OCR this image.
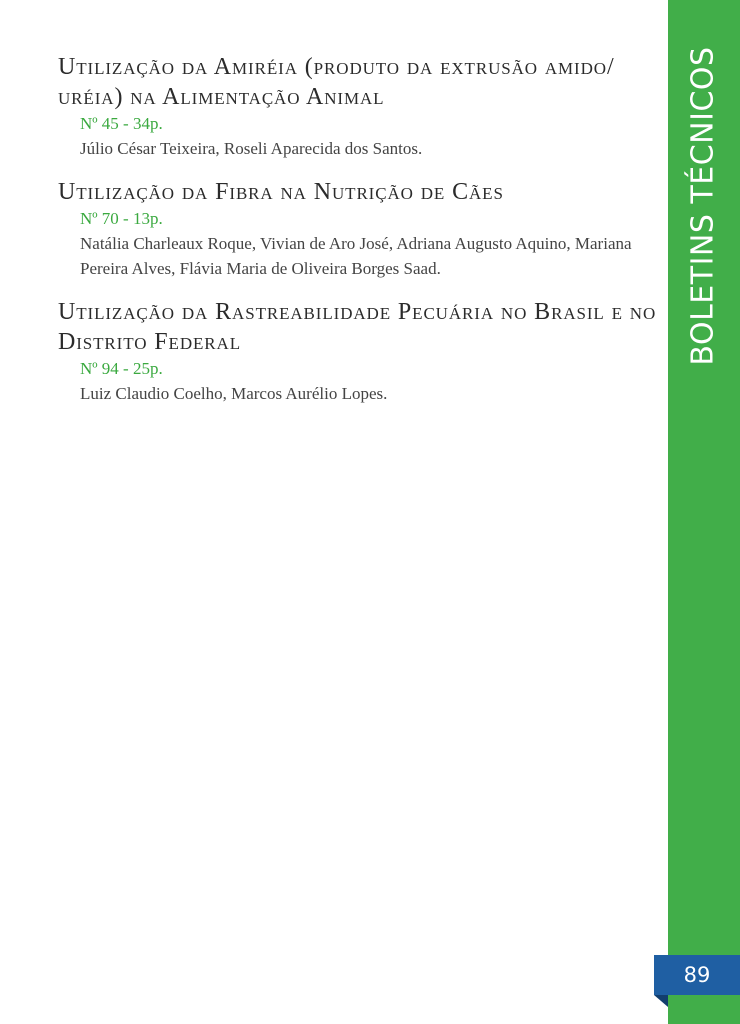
Utilização da Amiréia (produto da extrusão amido/ uréia) na Alimentação Animal

Nº 45 - 34p.
Júlio César Teixeira, Roseli Aparecida dos Santos.

Utilização da Fibra na Nutrição de Cães

Nº 70 - 13p.
Natália Charleaux Roque, Vivian de Aro José, Adriana Augusto Aquino, Mariana Pereira Alves, Flávia Maria de Oliveira Borges Saad.

Utilização da Rastreabilidade Pecuária no Brasil e no Distrito Federal

Nº 94 - 25p.
Luiz Claudio Coelho, Marcos Aurélio Lopes.
BOLETINS TÉCNICOS
89
